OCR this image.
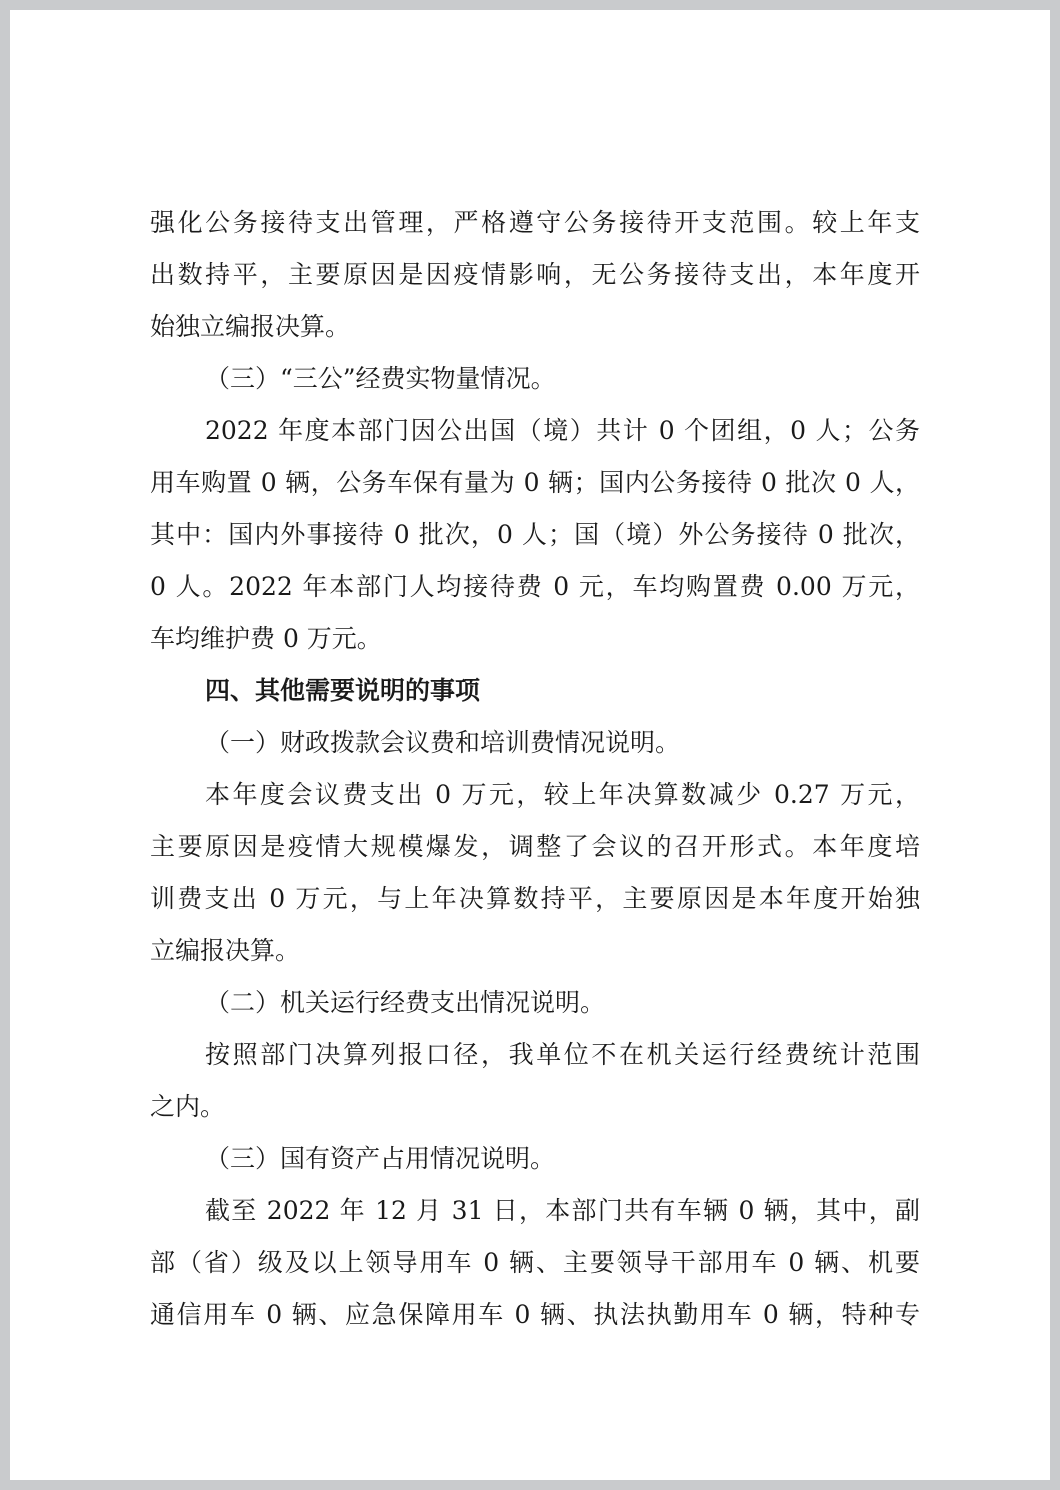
强化公务接待支出管理，严格遵守公务接待开支范围。较上年支
出数持平，主要原因是因疫情影响，无公务接待支出，本年度开
始独立编报决算。
（三）“三公”经费实物量情况。
2022 年度本部门因公出国（境）共计 0 个团组，0 人；公务
用车购置 0 辆，公务车保有量为 0 辆；国内公务接待 0 批次 0 人，
其中：国内外事接待 0 批次，0 人；国（境）外公务接待 0 批次，
0 人。2022 年本部门人均接待费 0 元，车均购置费 0.00 万元，
车均维护费 0 万元。
四、其他需要说明的事项
（一）财政拨款会议费和培训费情况说明。
本年度会议费支出 0 万元，较上年决算数减少 0.27 万元，
主要原因是疫情大规模爆发，调整了会议的召开形式。本年度培
训费支出 0 万元，与上年决算数持平，主要原因是本年度开始独
立编报决算。
（二）机关运行经费支出情况说明。
按照部门决算列报口径，我单位不在机关运行经费统计范围
之内。
（三）国有资产占用情况说明。
截至 2022 年 12 月 31 日，本部门共有车辆 0 辆，其中，副
部（省）级及以上领导用车 0 辆、主要领导干部用车 0 辆、机要
通信用车 0 辆、应急保障用车 0 辆、执法执勤用车 0 辆，特种专
